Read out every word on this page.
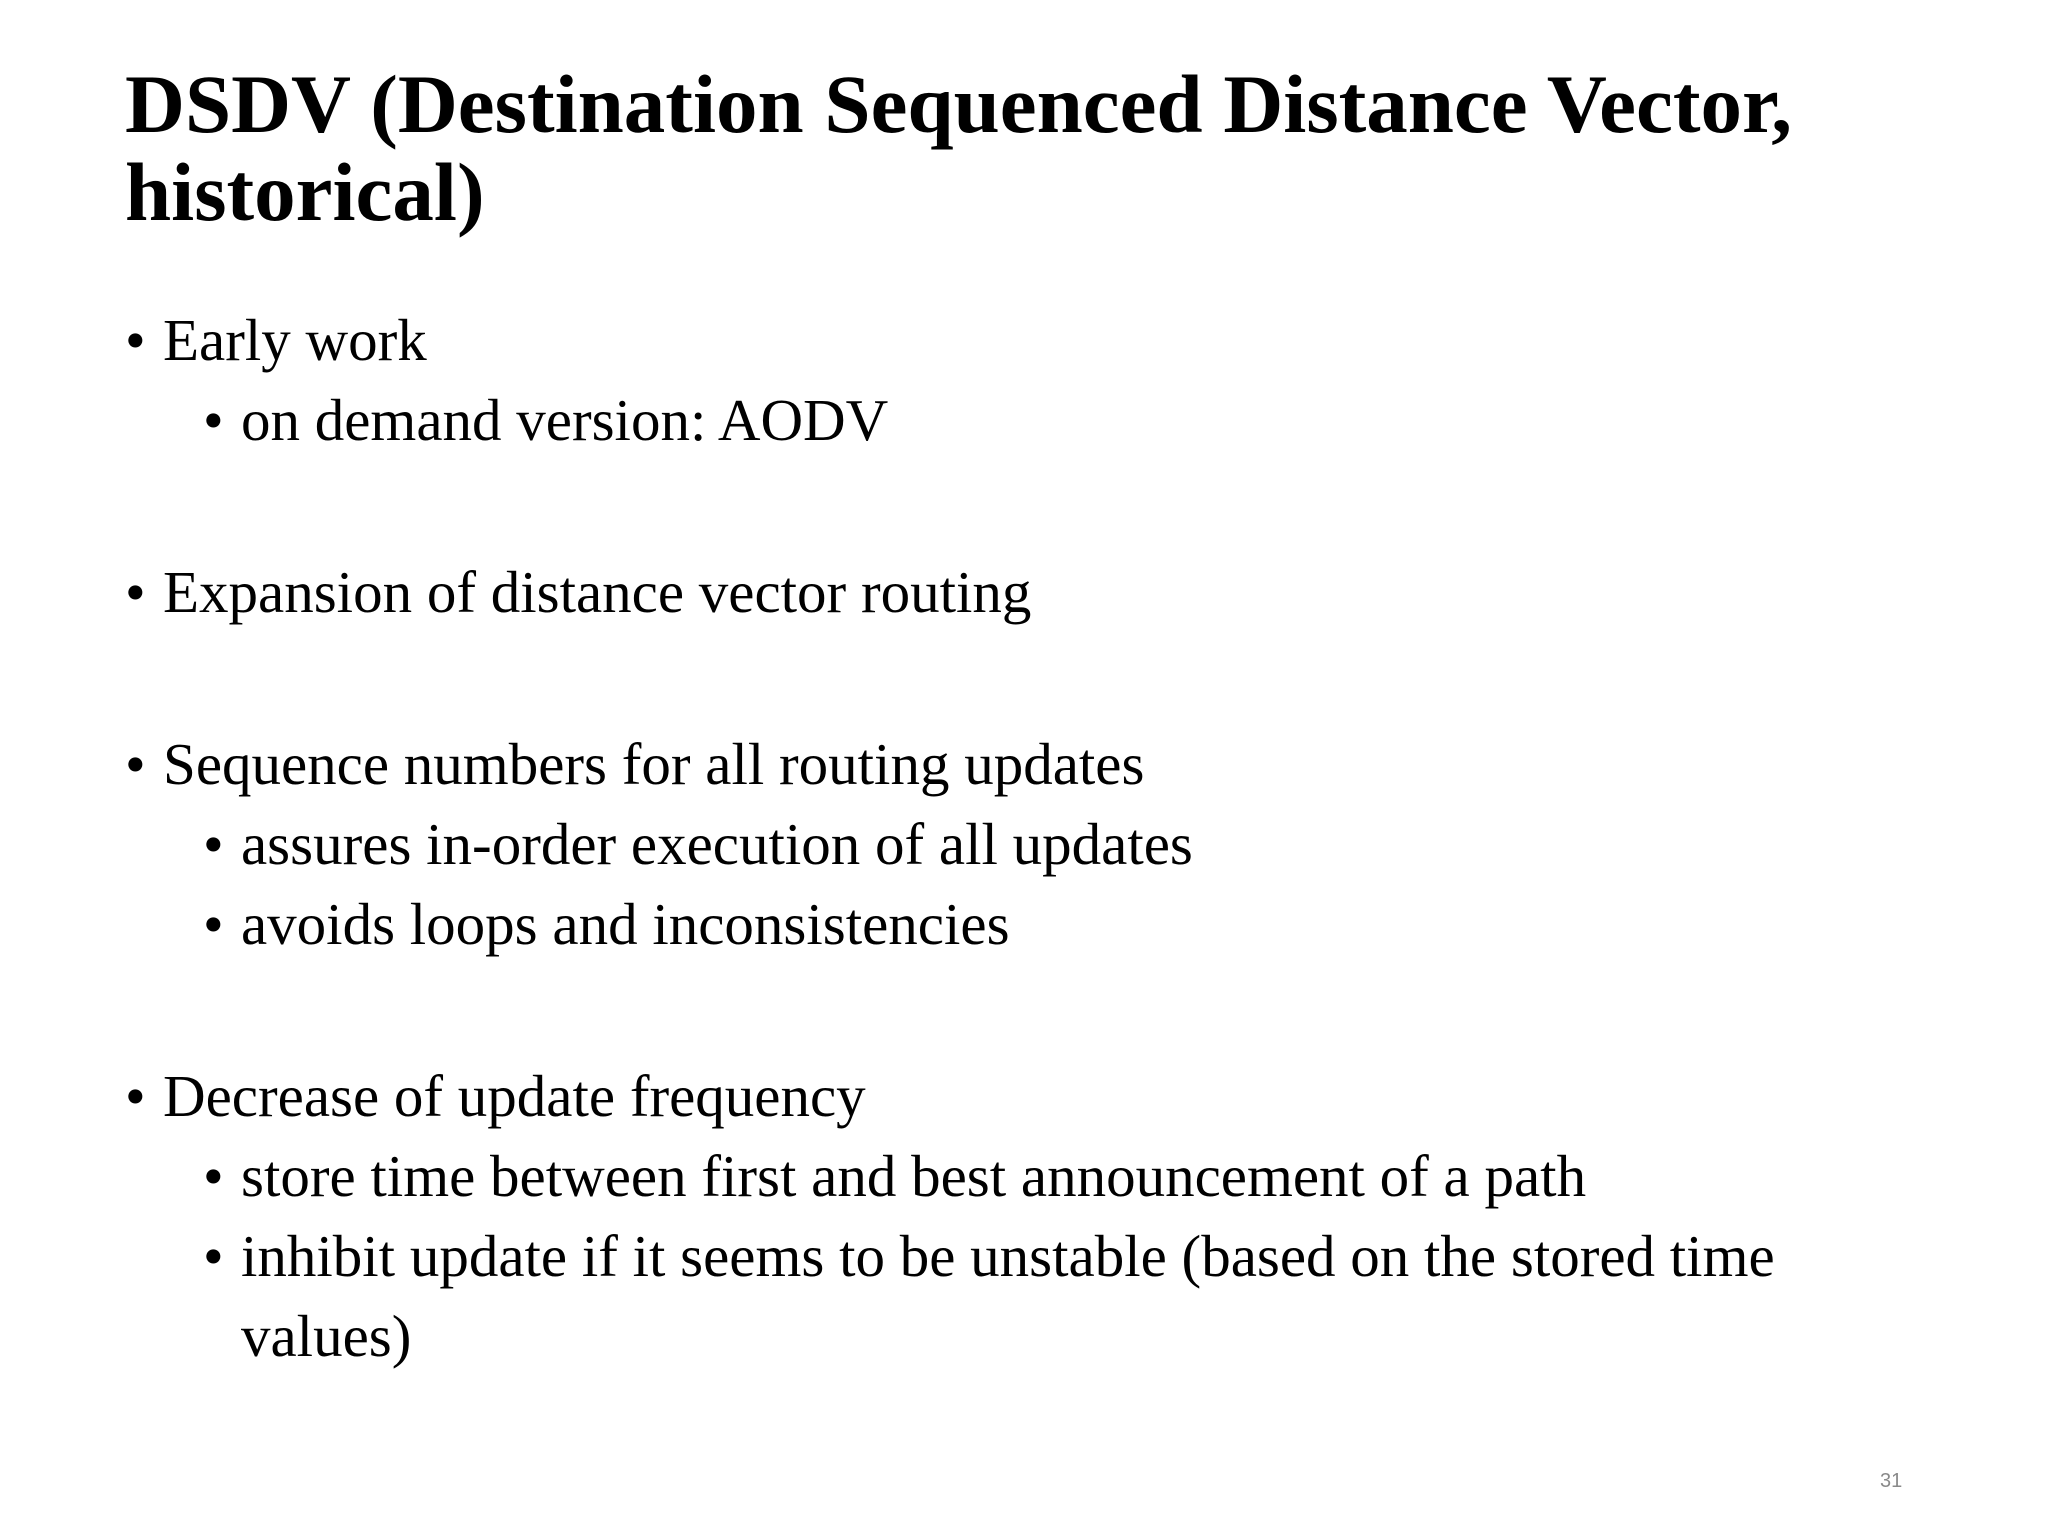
DSDV (Destination Sequenced Distance Vector, historical)
• Early work
• on demand version: AODV
• Expansion of distance vector routing
• Sequence numbers for all routing updates
• assures in-order execution of all updates
• avoids loops and inconsistencies
• Decrease of update frequency
• store time between first and best announcement of a path
• inhibit update if it seems to be unstable (based on the stored time values)
31
